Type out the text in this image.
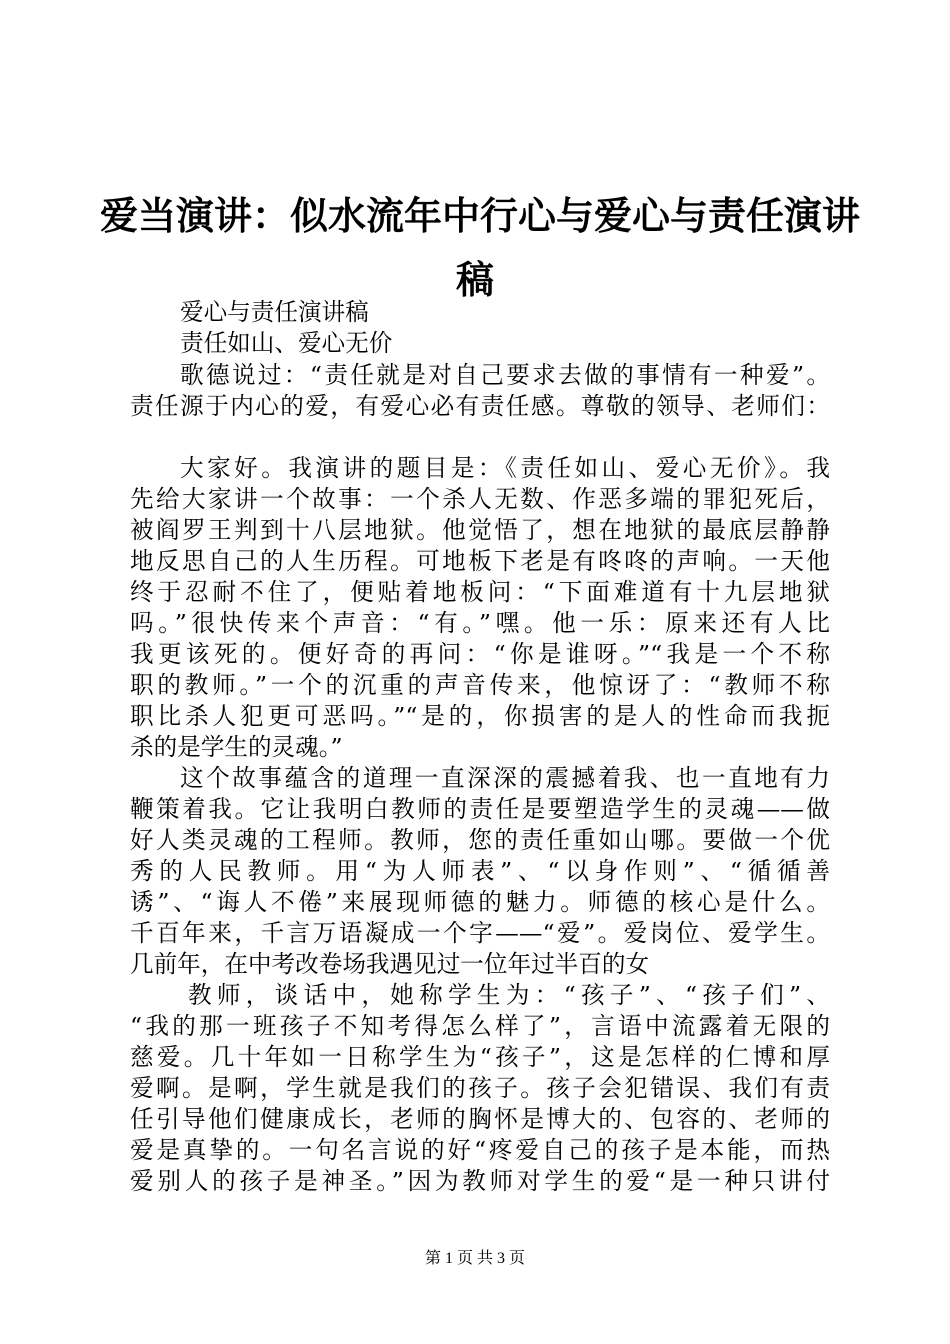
爱当演讲：似水流年中行心与爱心与责任演讲
稿
爱心与责任演讲稿
责任如山、爱心无价
歌德说过：“责任就是对自己要求去做的事情有一种爱”。
责任源于内心的爱，有爱心必有责任感。尊敬的领导、老师们：
大家好。我演讲的题目是：《责任如山、爱心无价》。我
先给大家讲一个故事：一个杀人无数、作恶多端的罪犯死后，
被阎罗王判到十八层地狱。他觉悟了，想在地狱的最底层静静
地反思自己的人生历程。可地板下老是有咚咚的声响。一天他
终于忍耐不住了，便贴着地板问：“下面难道有十九层地狱
吗。”很快传来个声音：“有。”嘿。他一乐：原来还有人比
我更该死的。便好奇的再问：“你是谁呀。”“我是一个不称
职的教师。”一个的沉重的声音传来，他惊讶了：“教师不称
职比杀人犯更可恶吗。”“是的，你损害的是人的性命而我扼
杀的是学生的灵魂。”
这个故事蕴含的道理一直深深的震撼着我、也一直地有力
鞭策着我。它让我明白教师的责任是要塑造学生的灵魂——做
好人类灵魂的工程师。教师，您的责任重如山哪。要做一个优
秀的人民教师。用“为人师表”、“以身作则”、“循循善
诱”、“诲人不倦”来展现师德的魅力。师德的核心是什么。
千百年来，千言万语凝成一个字——“爱”。爱岗位、爱学生。
几前年，在中考改卷场我遇见过一位年过半百的女
教师，谈话中，她称学生为：“孩子”、“孩子们”、
“我的那一班孩子不知考得怎么样了”，言语中流露着无限的
慈爱。几十年如一日称学生为“孩子”，这是怎样的仁博和厚
爱啊。是啊，学生就是我们的孩子。孩子会犯错误、我们有责
任引导他们健康成长，老师的胸怀是博大的、包容的、老师的
爱是真挚的。一句名言说的好“疼爱自己的孩子是本能，而热
爱别人的孩子是神圣。”因为教师对学生的爱“是一种只讲付
第 1 页 共 3 页
